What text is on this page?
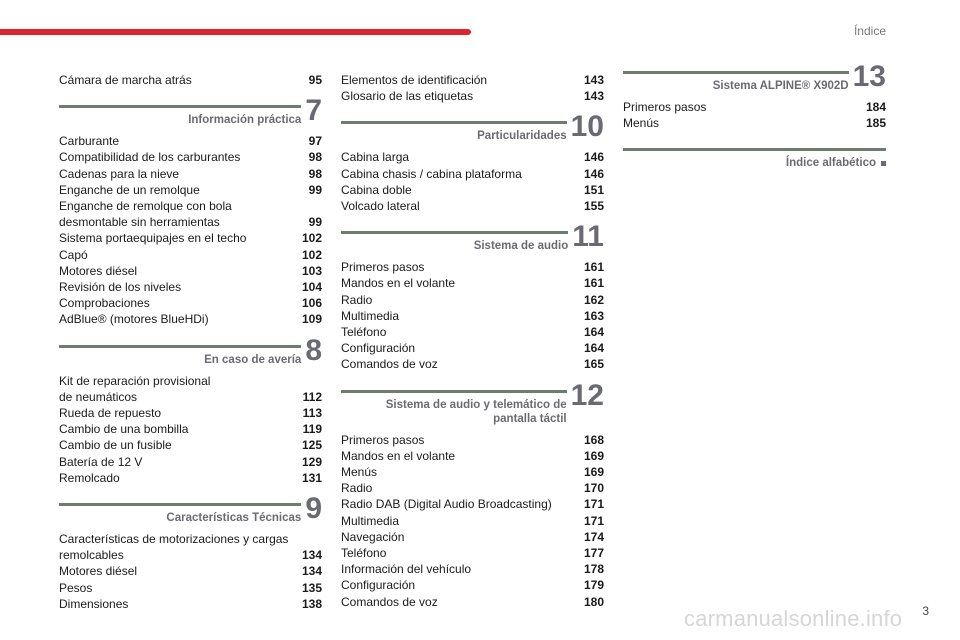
Índice
Cámara de marcha atrás	95
Información práctica 7
Carburante	97
Compatibilidad de los carburantes	98
Cadenas para la nieve	98
Enganche de un remolque	99
Enganche de remolque con bola
desmontable sin herramientas	99
Sistema portaequipajes en el techo	102
Capó	102
Motores diésel	103
Revisión de los niveles	104
Comprobaciones	106
AdBlue® (motores BlueHDi)	109
En caso de avería 8
Kit de reparación provisional
de neumáticos	112
Rueda de repuesto	113
Cambio de una bombilla	119
Cambio de un fusible	125
Batería de 12 V	129
Remolcado	131
Características Técnicas 9
Características de motorizaciones y cargas
remolcables	134
Motores diésel	134
Pesos	135
Dimensiones	138
Elementos de identificación	143
Glosario de las etiquetas	143
Particularidades 10
Cabina larga	146
Cabina chasis / cabina plataforma	146
Cabina doble	151
Volcado lateral	155
Sistema de audio 11
Primeros pasos	161
Mandos en el volante	161
Radio	162
Multimedia	163
Teléfono	164
Configuración	164
Comandos de voz	165
Sistema de audio y telemático de pantalla táctil
12
Primeros pasos	168
Mandos en el volante	169
Menús	169
Radio	170
Radio DAB (Digital Audio Broadcasting)	171
Multimedia	171
Navegación	174
Teléfono	177
Información del vehículo	178
Configuración	179
Comandos de voz	180
Sistema ALPINE® X902D 13
Primeros pasos	184
Menús	185
Índice alfabético
carmanualsonline.info 3
